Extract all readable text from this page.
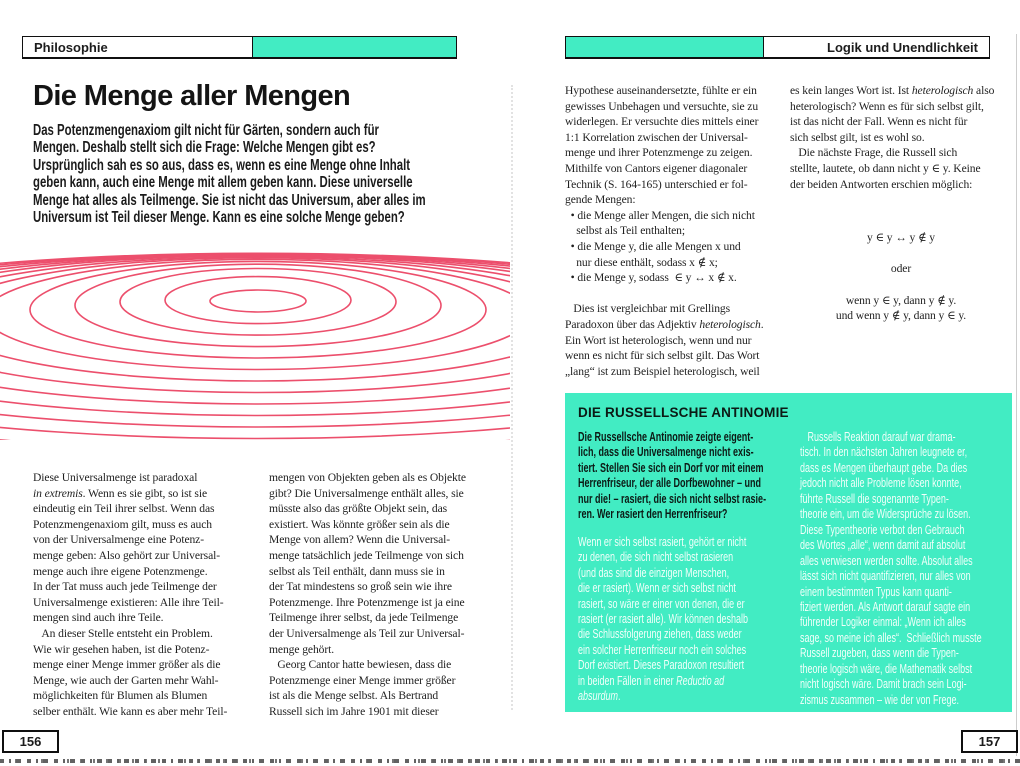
Philosophie
Die Menge aller Mengen
Das Potenzmengenaxiom gilt nicht für Gärten, sondern auch für
Mengen. Deshalb stellt sich die Frage: Welche Mengen gibt es?
Ursprünglich sah es so aus, dass es, wenn es eine Menge ohne Inhalt
geben kann, auch eine Menge mit allem geben kann. Diese universelle
Menge hat alles als Teilmenge. Sie ist nicht das Universum, aber alles im
Universum ist Teil dieser Menge. Kann es eine solche Menge geben?
Diese Universalmenge ist paradoxal
in extremis. Wenn es sie gibt, so ist sie
eindeutig ein Teil ihrer selbst. Wenn das
Potenzmengenaxiom gilt, muss es auch
von der Universalmenge eine Potenz-
menge geben: Also gehört zur Universal-
menge auch ihre eigene Potenzmenge.
In der Tat muss auch jede Teilmenge der
Universalmenge existieren: Alle ihre Teil-
mengen sind auch ihre Teile.
An dieser Stelle entsteht ein Problem.
Wie wir gesehen haben, ist die Potenz-
menge einer Menge immer größer als die
Menge, wie auch der Garten mehr Wahl-
möglichkeiten für Blumen als Blumen
selber enthält. Wie kann es aber mehr Teil-
mengen von Objekten geben als es Objekte
gibt? Die Universalmenge enthält alles, sie
müsste also das größte Objekt sein, das
existiert. Was könnte größer sein als die
Menge von allem? Wenn die Universal-
menge tatsächlich jede Teilmenge von sich
selbst als Teil enthält, dann muss sie in
der Tat mindestens so groß sein wie ihre
Potenzmenge. Ihre Potenzmenge ist ja eine
Teilmenge ihrer selbst, da jede Teilmenge
der Universalmenge als Teil zur Universal-
menge gehört.
Georg Cantor hatte bewiesen, dass die
Potenzmenge einer Menge immer größer
ist als die Menge selbst. Als Bertrand
Russell sich im Jahre 1901 mit dieser
156
Logik und Unendlichkeit
Hypothese auseinandersetzte, fühlte er ein
gewisses Unbehagen und versuchte, sie zu
widerlegen. Er versuchte dies mittels einer
1:1 Korrelation zwischen der Universal-
menge und ihrer Potenzmenge zu zeigen.
Mithilfe von Cantors eigener diagonaler
Technik (S. 164-165) unterschied er fol-
gende Mengen:
• die Menge aller Mengen, die sich nicht
selbst als Teil enthalten;
• die Menge y, die alle Mengen x und
nur diese enthält, sodass x ∉ x;
• die Menge y, sodass  ∈ y ↔ x ∉ x.

Dies ist vergleichbar mit Grellings
Paradoxon über das Adjektiv heterologisch.
Ein Wort ist heterologisch, wenn und nur
wenn es nicht für sich selbst gilt. Das Wort
„lang“ ist zum Beispiel heterologisch, weil
es kein langes Wort ist. Ist heterologisch also
heterologisch? Wenn es für sich selbst gilt,
ist das nicht der Fall. Wenn es nicht für
sich selbst gilt, ist es wohl so.
Die nächste Frage, die Russell sich
stellte, lautete, ob dann nicht y ∈ y. Keine
der beiden Antworten erschien möglich:
y ∈ y ↔ y ∉ y

oder

wenn y ∈ y, dann y ∉ y.
und wenn y ∉ y, dann y ∈ y.
DIE RUSSELLSCHE ANTINOMIE
Die Russellsche Antinomie zeigte eigent-
lich, dass die Universalmenge nicht exis-
tiert. Stellen Sie sich ein Dorf vor mit einem
Herrenfriseur, der alle Dorfbewohner – und
nur die! – rasiert, die sich nicht selbst rasie-
ren. Wer rasiert den Herrenfriseur?
Wenn er sich selbst rasiert, gehört er nicht
zu denen, die sich nicht selbst rasieren
(und das sind die einzigen Menschen,
die er rasiert). Wenn er sich selbst nicht
rasiert, so wäre er einer von denen, die er
rasiert (er rasiert alle). Wir können deshalb
die Schlussfolgerung ziehen, dass weder
ein solcher Herrenfriseur noch ein solches
Dorf existiert. Dieses Paradoxon resultiert
in beiden Fällen in einer Reductio ad
absurdum.
Russells Reaktion darauf war drama-
tisch. In den nächsten Jahren leugnete er,
dass es Mengen überhaupt gebe. Da dies
jedoch nicht alle Probleme lösen konnte,
führte Russell die sogenannte Typen-
theorie ein, um die Widersprüche zu lösen.
Diese Typentheorie verbot den Gebrauch
des Wortes „alle“, wenn damit auf absolut
alles verwiesen werden sollte. Absolut alles
lässt sich nicht quantifizieren, nur alles von
einem bestimmten Typus kann quanti-
fiziert werden. Als Antwort darauf sagte ein
führender Logiker einmal: „Wenn ich alles
sage, so meine ich alles“.  Schließlich musste
Russell zugeben, dass wenn die Typen-
theorie logisch wäre, die Mathematik selbst
nicht logisch wäre. Damit brach sein Logi-
zismus zusammen – wie der von Frege.
157
